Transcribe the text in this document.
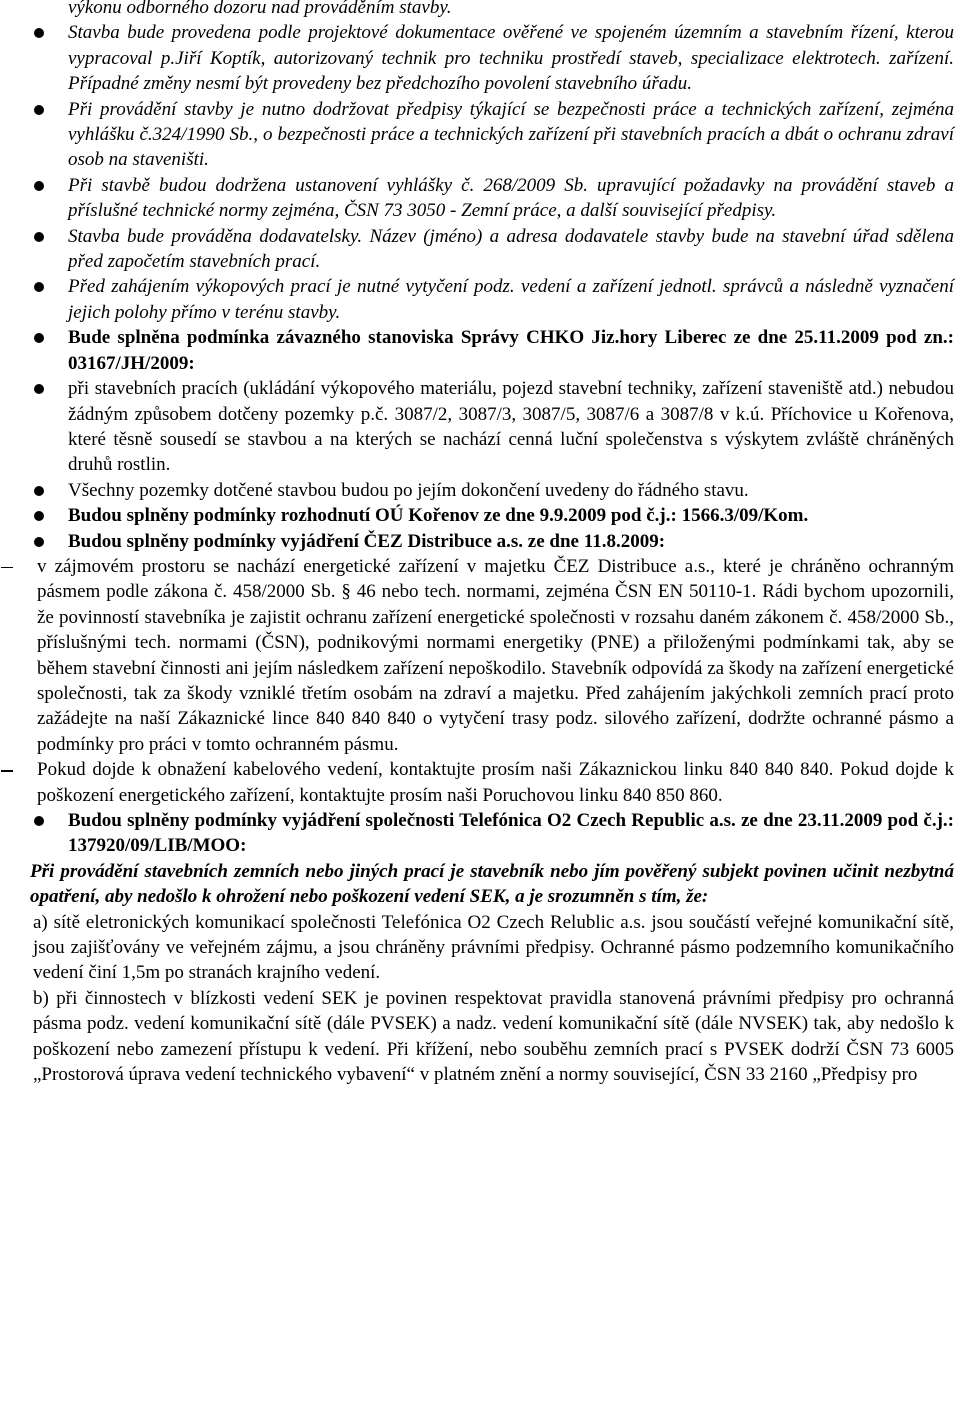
výkonu odborného dozoru nad prováděním stavby.

Stavba bude provedena podle projektové dokumentace ověřené ve spojeném územním a stavebním řízení, kterou vypracoval p.Jiří Koptík, autorizovaný technik pro techniku prostředí staveb, specializace elektrotech. zařízení. Případné změny nesmí být provedeny bez předchozího povolení stavebního úřadu.
Při provádění stavby je nutno dodržovat předpisy týkající se bezpečnosti práce a technických zařízení, zejména vyhlášku č.324/1990 Sb., o bezpečnosti práce a technických zařízení při stavebních pracích a dbát o ochranu zdraví osob na staveništi.
Při stavbě budou dodržena ustanovení vyhlášky č. 268/2009 Sb. upravující požadavky na provádění staveb a příslušné technické normy zejména, ČSN 73 3050 - Zemní práce, a další související předpisy.
Stavba bude prováděna dodavatelsky. Název (jméno) a adresa dodavatele stavby bude na stavební úřad sdělena před započetím stavebních prací.
Před zahájením výkopových prací je nutné vytyčení podz. vedení a zařízení jednotl. správců a následně vyznačení jejich polohy přímo v terénu stavby.
Bude splněna podmínka závazného stanoviska Správy CHKO Jiz.hory Liberec ze dne 25.11.2009 pod zn.: 03167/JH/2009:
při stavebních pracích (ukládání výkopového materiálu, pojezd stavební techniky, zařízení staveniště atd.) nebudou žádným způsobem dotčeny pozemky p.č. 3087/2, 3087/3, 3087/5, 3087/6 a 3087/8 v k.ú. Příchovice u Kořenova, které těsně sousedí se stavbou a na kterých se nachází cenná luční společenstva s výskytem zvláště chráněných druhů rostlin.
Všechny pozemky dotčené stavbou budou po jejím dokončení uvedeny do řádného stavu.
Budou splněny podmínky rozhodnutí OÚ Kořenov ze dne 9.9.2009 pod č.j.: 1566.3/09/Kom.
Budou splněny podmínky vyjádření ČEZ Distribuce a.s. ze dne 11.8.2009:
v zájmovém prostoru se nachází energetické zařízení v majetku ČEZ Distribuce a.s., které je chráněno ochranným pásmem podle zákona č. 458/2000 Sb. § 46 nebo tech. normami, zejména ČSN EN 50110-1. Rádi bychom upozornili, že povinností stavebníka je zajistit ochranu zařízení energetické společnosti v rozsahu daném zákonem č. 458/2000 Sb., příslušnými tech. normami (ČSN), podnikovými normami energetiky (PNE) a přiloženými podmínkami tak, aby se během stavební činnosti ani jejím následkem zařízení nepoškodilo. Stavebník odpovídá za škody na zařízení energetické společnosti, tak za škody vzniklé třetím osobám na zdraví a majetku. Před zahájením jakýchkoli zemních prací proto zažádejte na naší Zákaznické lince 840 840 840 o vytyčení trasy podz. silového zařízení, dodržte ochranné pásmo a podmínky pro práci v tomto ochranném pásmu.
Pokud dojde k obnažení kabelového vedení, kontaktujte prosím naši Zákaznickou linku 840 840 840. Pokud dojde k poškození energetického zařízení, kontaktujte prosím naši Poruchovou linku 840 850 860.
Budou splněny podmínky vyjádření společnosti Telefónica O2 Czech Republic a.s. ze dne 23.11.2009 pod č.j.: 137920/09/LIB/MOO:

Při provádění stavebních zemních nebo jiných prací je stavebník nebo jím pověřený subjekt povinen učinit nezbytná opatření, aby nedošlo k ohrožení nebo poškození vedení SEK, a je srozumněn s tím, že:

a) sítě eletronických komunikací společnosti Telefónica O2 Czech Relublic a.s. jsou součástí veřejné komunikační sítě, jsou zajišťovány ve veřejném zájmu, a jsou chráněny právními předpisy. Ochranné pásmo podzemního komunikačního vedení činí 1,5m po stranách krajního vedení.

b) při činnostech v blízkosti vedení SEK je povinen respektovat pravidla stanovená právními předpisy pro ochranná pásma podz. vedení komunikační sítě (dále PVSEK) a nadz. vedení komunikační sítě (dále NVSEK) tak, aby nedošlo k poškození nebo zamezení přístupu k vedení. Při křížení, nebo souběhu zemních prací s PVSEK dodrží ČSN 73 6005 „Prostorová úprava vedení technického vybavení“ v platném znění a normy související, ČSN 33 2160 „Předpisy pro
